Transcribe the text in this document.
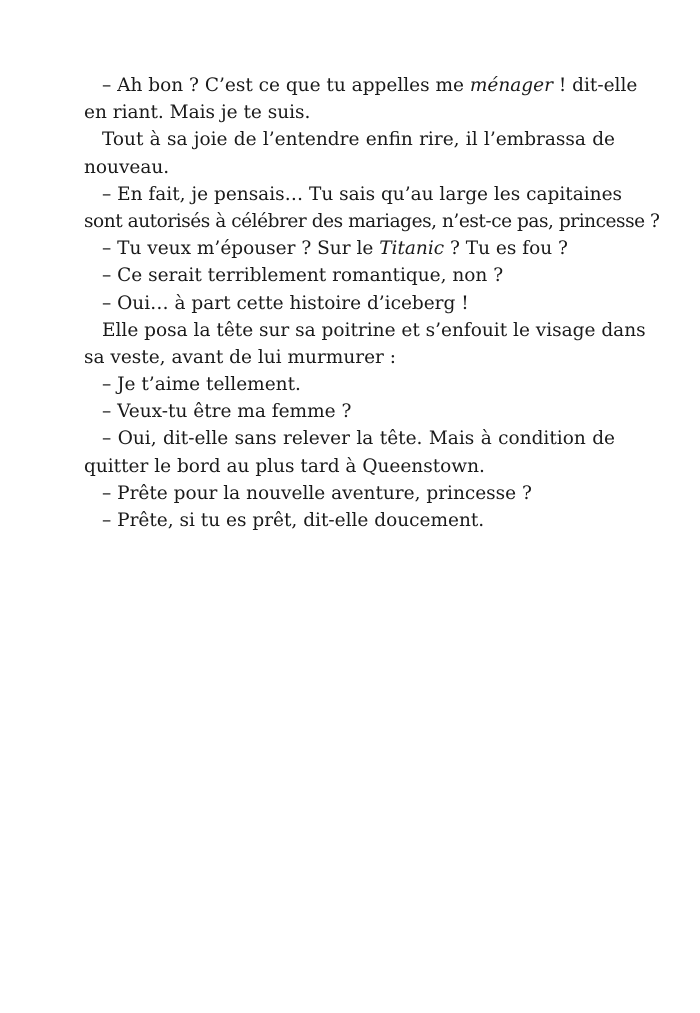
– Ah bon ? C’est ce que tu appelles me ménager ! dit-elle
en riant. Mais je te suis.
Tout à sa joie de l’entendre enfin rire, il l’embrassa de
nouveau.
– En fait, je pensais… Tu sais qu’au large les capitaines
sont autorisés à célébrer des mariages, n’est-ce pas, princesse ?
– Tu veux m’épouser ? Sur le Titanic ? Tu es fou ?
– Ce serait terriblement romantique, non ?
– Oui… à part cette histoire d’iceberg !
Elle posa la tête sur sa poitrine et s’enfouit le visage dans
sa veste, avant de lui murmurer :
– Je t’aime tellement.
– Veux-tu être ma femme ?
– Oui, dit-elle sans relever la tête. Mais à condition de
quitter le bord au plus tard à Queenstown.
– Prête pour la nouvelle aventure, princesse ?
– Prête, si tu es prêt, dit-elle doucement.
